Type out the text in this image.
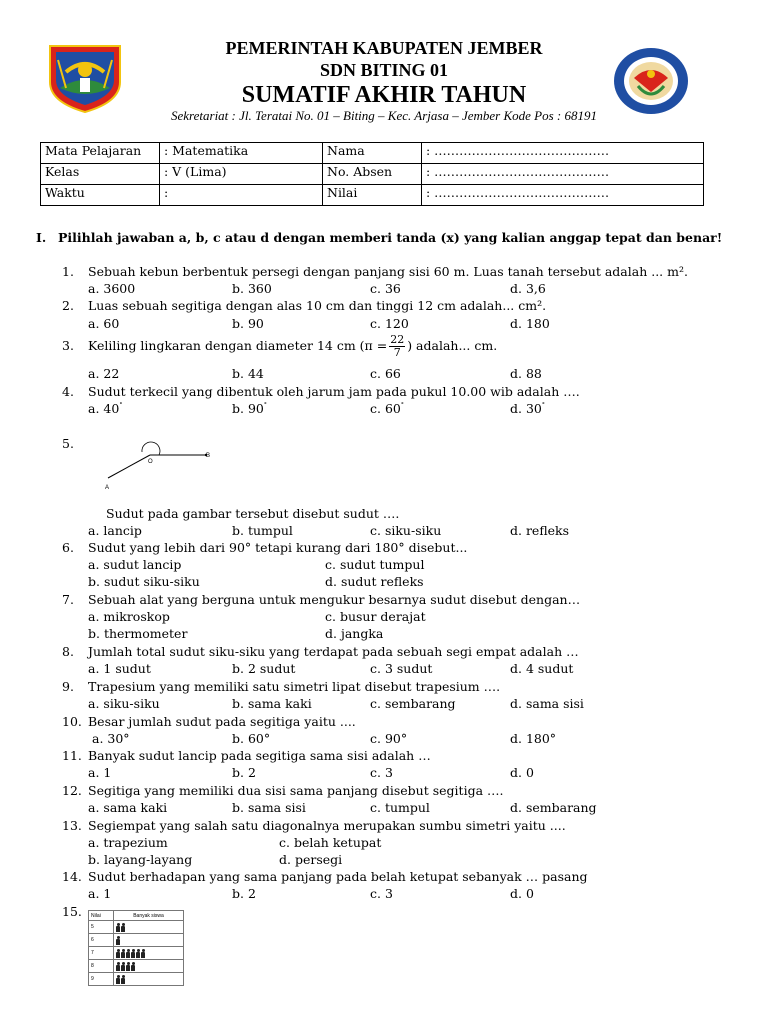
PEMERINTAH KABUPATEN JEMBER
SDN BITING 01
SUMATIF AKHIR TAHUN
Sekretariat : Jl. Teratai No. 01 – Biting – Kec. Arjasa – Jember Kode Pos : 68191
Mata Pelajaran	: Matematika	Nama	: ……………………………………
Kelas	: V (Lima)	No. Absen	: ……………………………………
Waktu	:	Nilai	: ……………………………………
I. Pilihlah jawaban a, b, c atau d dengan memberi tanda (x) yang kalian anggap tepat dan benar!
1. Sebuah kebun berbentuk persegi dengan panjang sisi 60 m. Luas tanah tersebut adalah ... m².
a. 3600	b. 360	c. 36	d. 3,6
2. Luas sebuah segitiga dengan alas 10 cm dan tinggi 12 cm adalah... cm².
a. 60	b. 90	c. 120	d. 180
3. Keliling lingkaran dengan diameter 14 cm ($\pi = \frac{22}{7}$ ) adalah... cm.
a. 22	b. 44	c. 66	d. 88
4. Sudut terkecil yang dibentuk oleh jarum jam pada pukul 10.00 wib adalah ….
a. 40°	b. 90°	c. 60°	d. 30°
5.
O
B
A
Sudut pada gambar tersebut disebut sudut ….
a. lancip	b. tumpul	c. siku-siku	d. refleks
6. Sudut yang lebih dari 90° tetapi kurang dari 180° disebut...
a. sudut lancip	c. sudut tumpul
b. sudut siku-siku	d. sudut refleks
7. Sebuah alat yang berguna untuk mengukur besarnya sudut disebut dengan…
a. mikroskop	c. busur derajat
b. thermometer	d. jangka
8. Jumlah total sudut siku-siku yang terdapat pada sebuah segi empat adalah …
a. 1 sudut	b. 2 sudut	c. 3 sudut	d. 4 sudut
9. Trapesium yang memiliki satu simetri lipat disebut trapesium ….
a. siku-siku	b. sama kaki	c. sembarang	d. sama sisi
10. Besar jumlah sudut pada segitiga yaitu ....
a. 30°	b. 60°	c. 90°	d. 180°
11. Banyak sudut lancip pada segitiga sama sisi adalah …
a. 1	b. 2	c. 3	d. 0
12. Segitiga yang memiliki dua sisi sama panjang disebut segitiga ….
a. sama kaki	b. sama sisi	c. tumpul	d. sembarang
13. Segiempat yang salah satu diagonalnya merupakan sumbu simetri yaitu ....
a. trapezium	c. belah ketupat
b. layang-layang	d. persegi
14. Sudut berhadapan yang sama panjang pada belah ketupat sebanyak … pasang
a. 1	b. 2	c. 3	d. 0
15.	Nilai	Banyak siswa
5	
6	
7	
8	
9	
